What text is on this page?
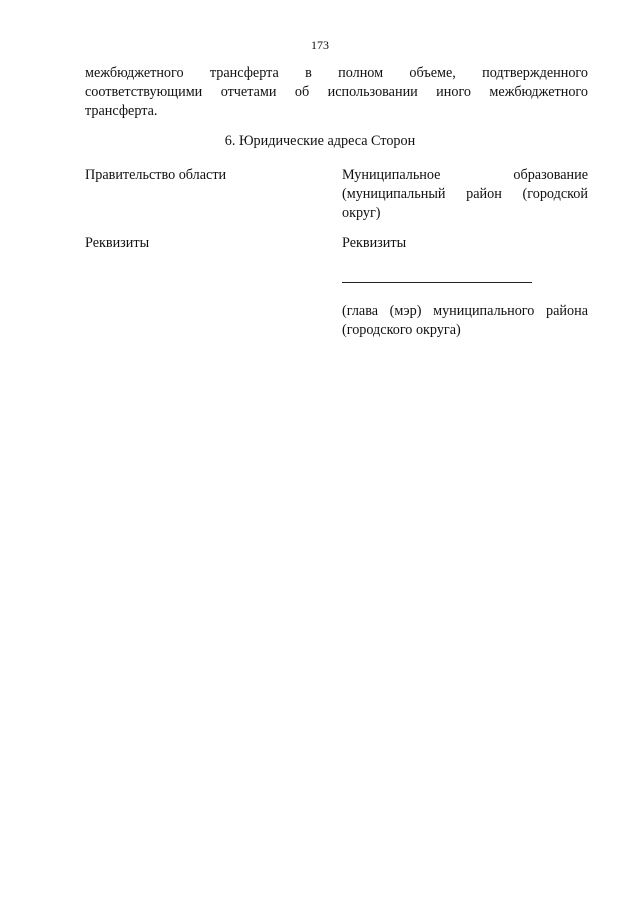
173
межбюджетного трансферта в полном объеме, подтвержденного
соответствующими отчетами об использовании иного межбюджетного
трансферта.
6. Юридические адреса Сторон
Правительство области	Муниципальное образование
(муниципальный район (городской
округ)
Реквизиты	Реквизиты
(глава (мэр) муниципального района
(городского округа)
